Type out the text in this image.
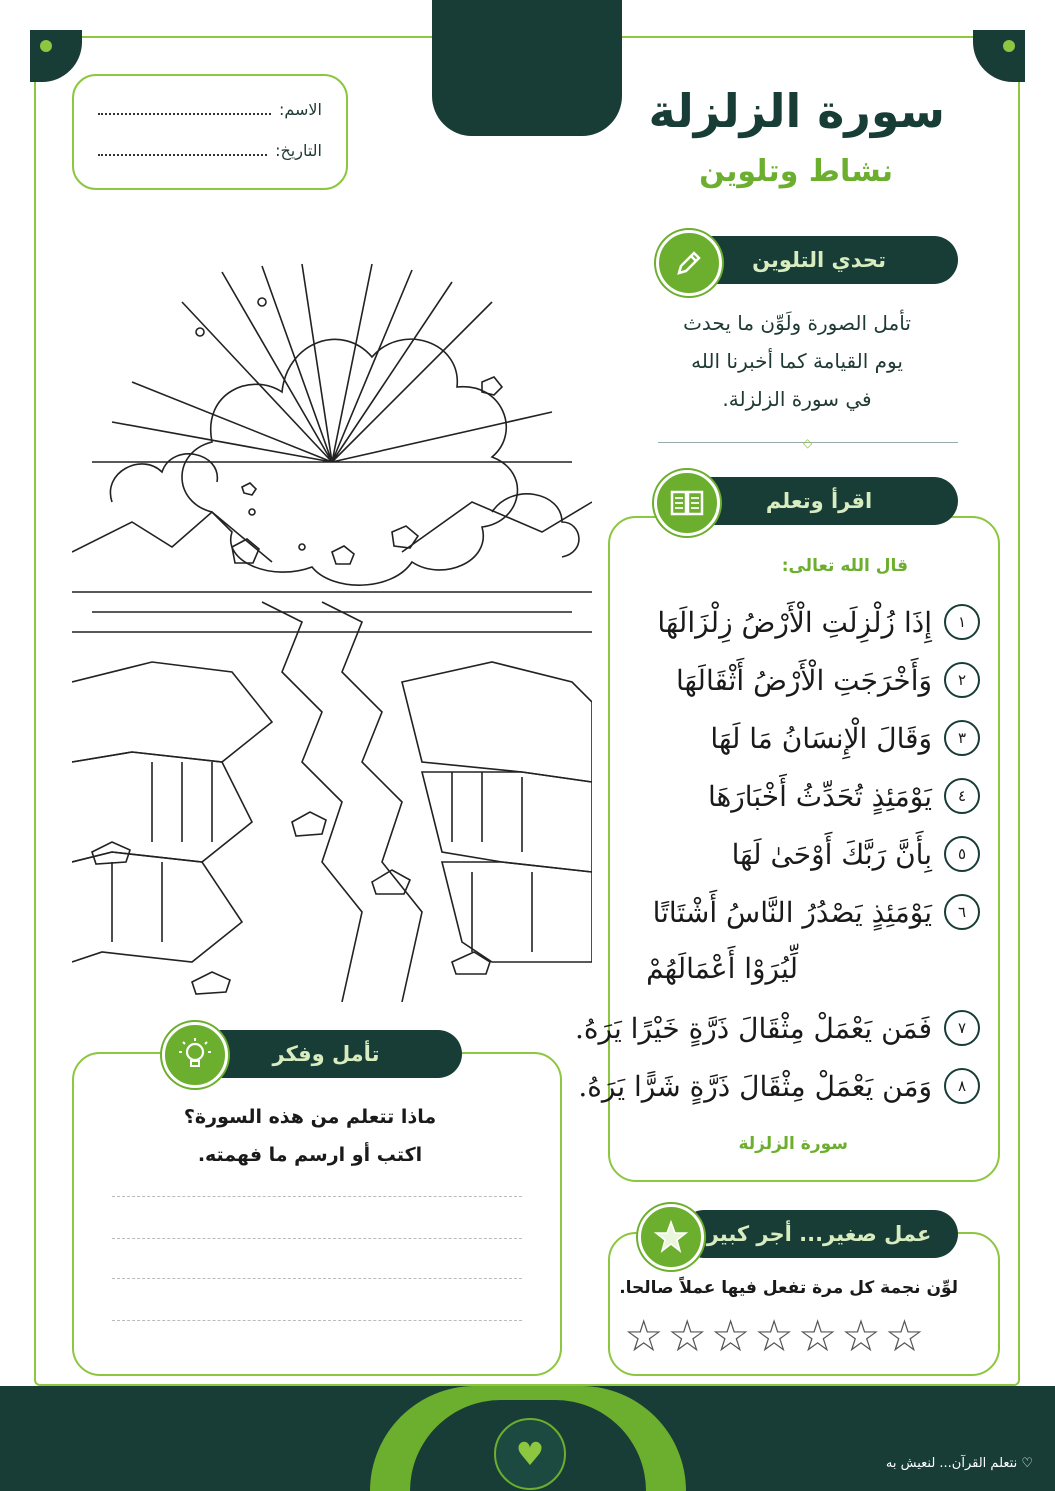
سورة الزلزلة
نشاط وتلوين
الاسم:
التاريخ:
تحدي التلوين
تأمل الصورة ولَوِّن ما يحدث
يوم القيامة كما أخبرنا الله
في سورة الزلزلة.
◇
قال الله تعالى:
١
إِذَا زُلْزِلَتِ الْأَرْضُ زِلْزَالَهَا
٢
وَأَخْرَجَتِ الْأَرْضُ أَثْقَالَهَا
٣
وَقَالَ الْإِنسَانُ مَا لَهَا
٤
يَوْمَئِذٍ تُحَدِّثُ أَخْبَارَهَا
٥
بِأَنَّ رَبَّكَ أَوْحَىٰ لَهَا
٦
يَوْمَئِذٍ يَصْدُرُ النَّاسُ أَشْتَاتًا
لِّيُرَوْا أَعْمَالَهُمْ
٧
فَمَن يَعْمَلْ مِثْقَالَ ذَرَّةٍ خَيْرًا يَرَهُ.
٨
وَمَن يَعْمَلْ مِثْقَالَ ذَرَّةٍ شَرًّا يَرَهُ.
سورة الزلزلة
اقرأ وتعلم
لوِّن نجمة كل مرة تفعل فيها عملاً صالحا.
☆ ☆ ☆ ☆ ☆ ☆ ☆
عمل صغير... أجر كبير
ماذا تتعلم من هذه السورة؟
اكتب أو ارسم ما فهمته.
تأمل وفكر
♥	♡ نتعلم القرآن... لنعيش به
